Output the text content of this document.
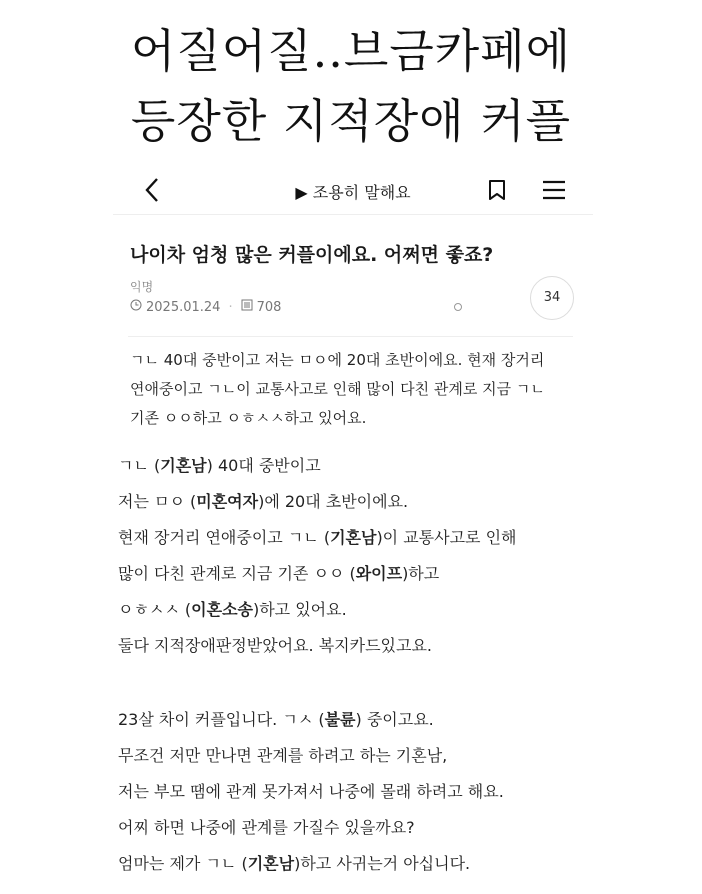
어질어질..브금카페에
등장한 지적장애 커플
▶ 조용히 말해요
나이차 엄청 많은 커플이에요. 어쩌면 좋죠?
익명
2025.01.24 · 708
34
ㄱㄴ 40대 중반이고 저는 ㅁㅇ에 20대 초반이에요. 현재 장거리
연애중이고 ㄱㄴ이 교통사고로 인해 많이 다친 관계로 지금 ㄱㄴ
기존 ㅇㅇ하고 ㅇㅎㅅㅅ하고 있어요.
ㄱㄴ (기혼남) 40대 중반이고
저는 ㅁㅇ (미혼여자)에 20대 초반이에요.
현재 장거리 연애중이고 ㄱㄴ (기혼남)이 교통사고로 인해
많이 다친 관계로 지금 기존 ㅇㅇ (와이프)하고
ㅇㅎㅅㅅ (이혼소송)하고 있어요.
둘다 지적장애판정받았어요. 복지카드있고요.
23살 차이 커플입니다. ㄱㅅ (불륜) 중이고요.
무조건 저만 만나면 관계를 하려고 하는 기혼남,
저는 부모 땜에 관계 못가져서 나중에 몰래 하려고 해요.
어찌 하면 나중에 관계를 가질수 있을까요?
엄마는 제가 ㄱㄴ (기혼남)하고 사귀는거 아십니다.
